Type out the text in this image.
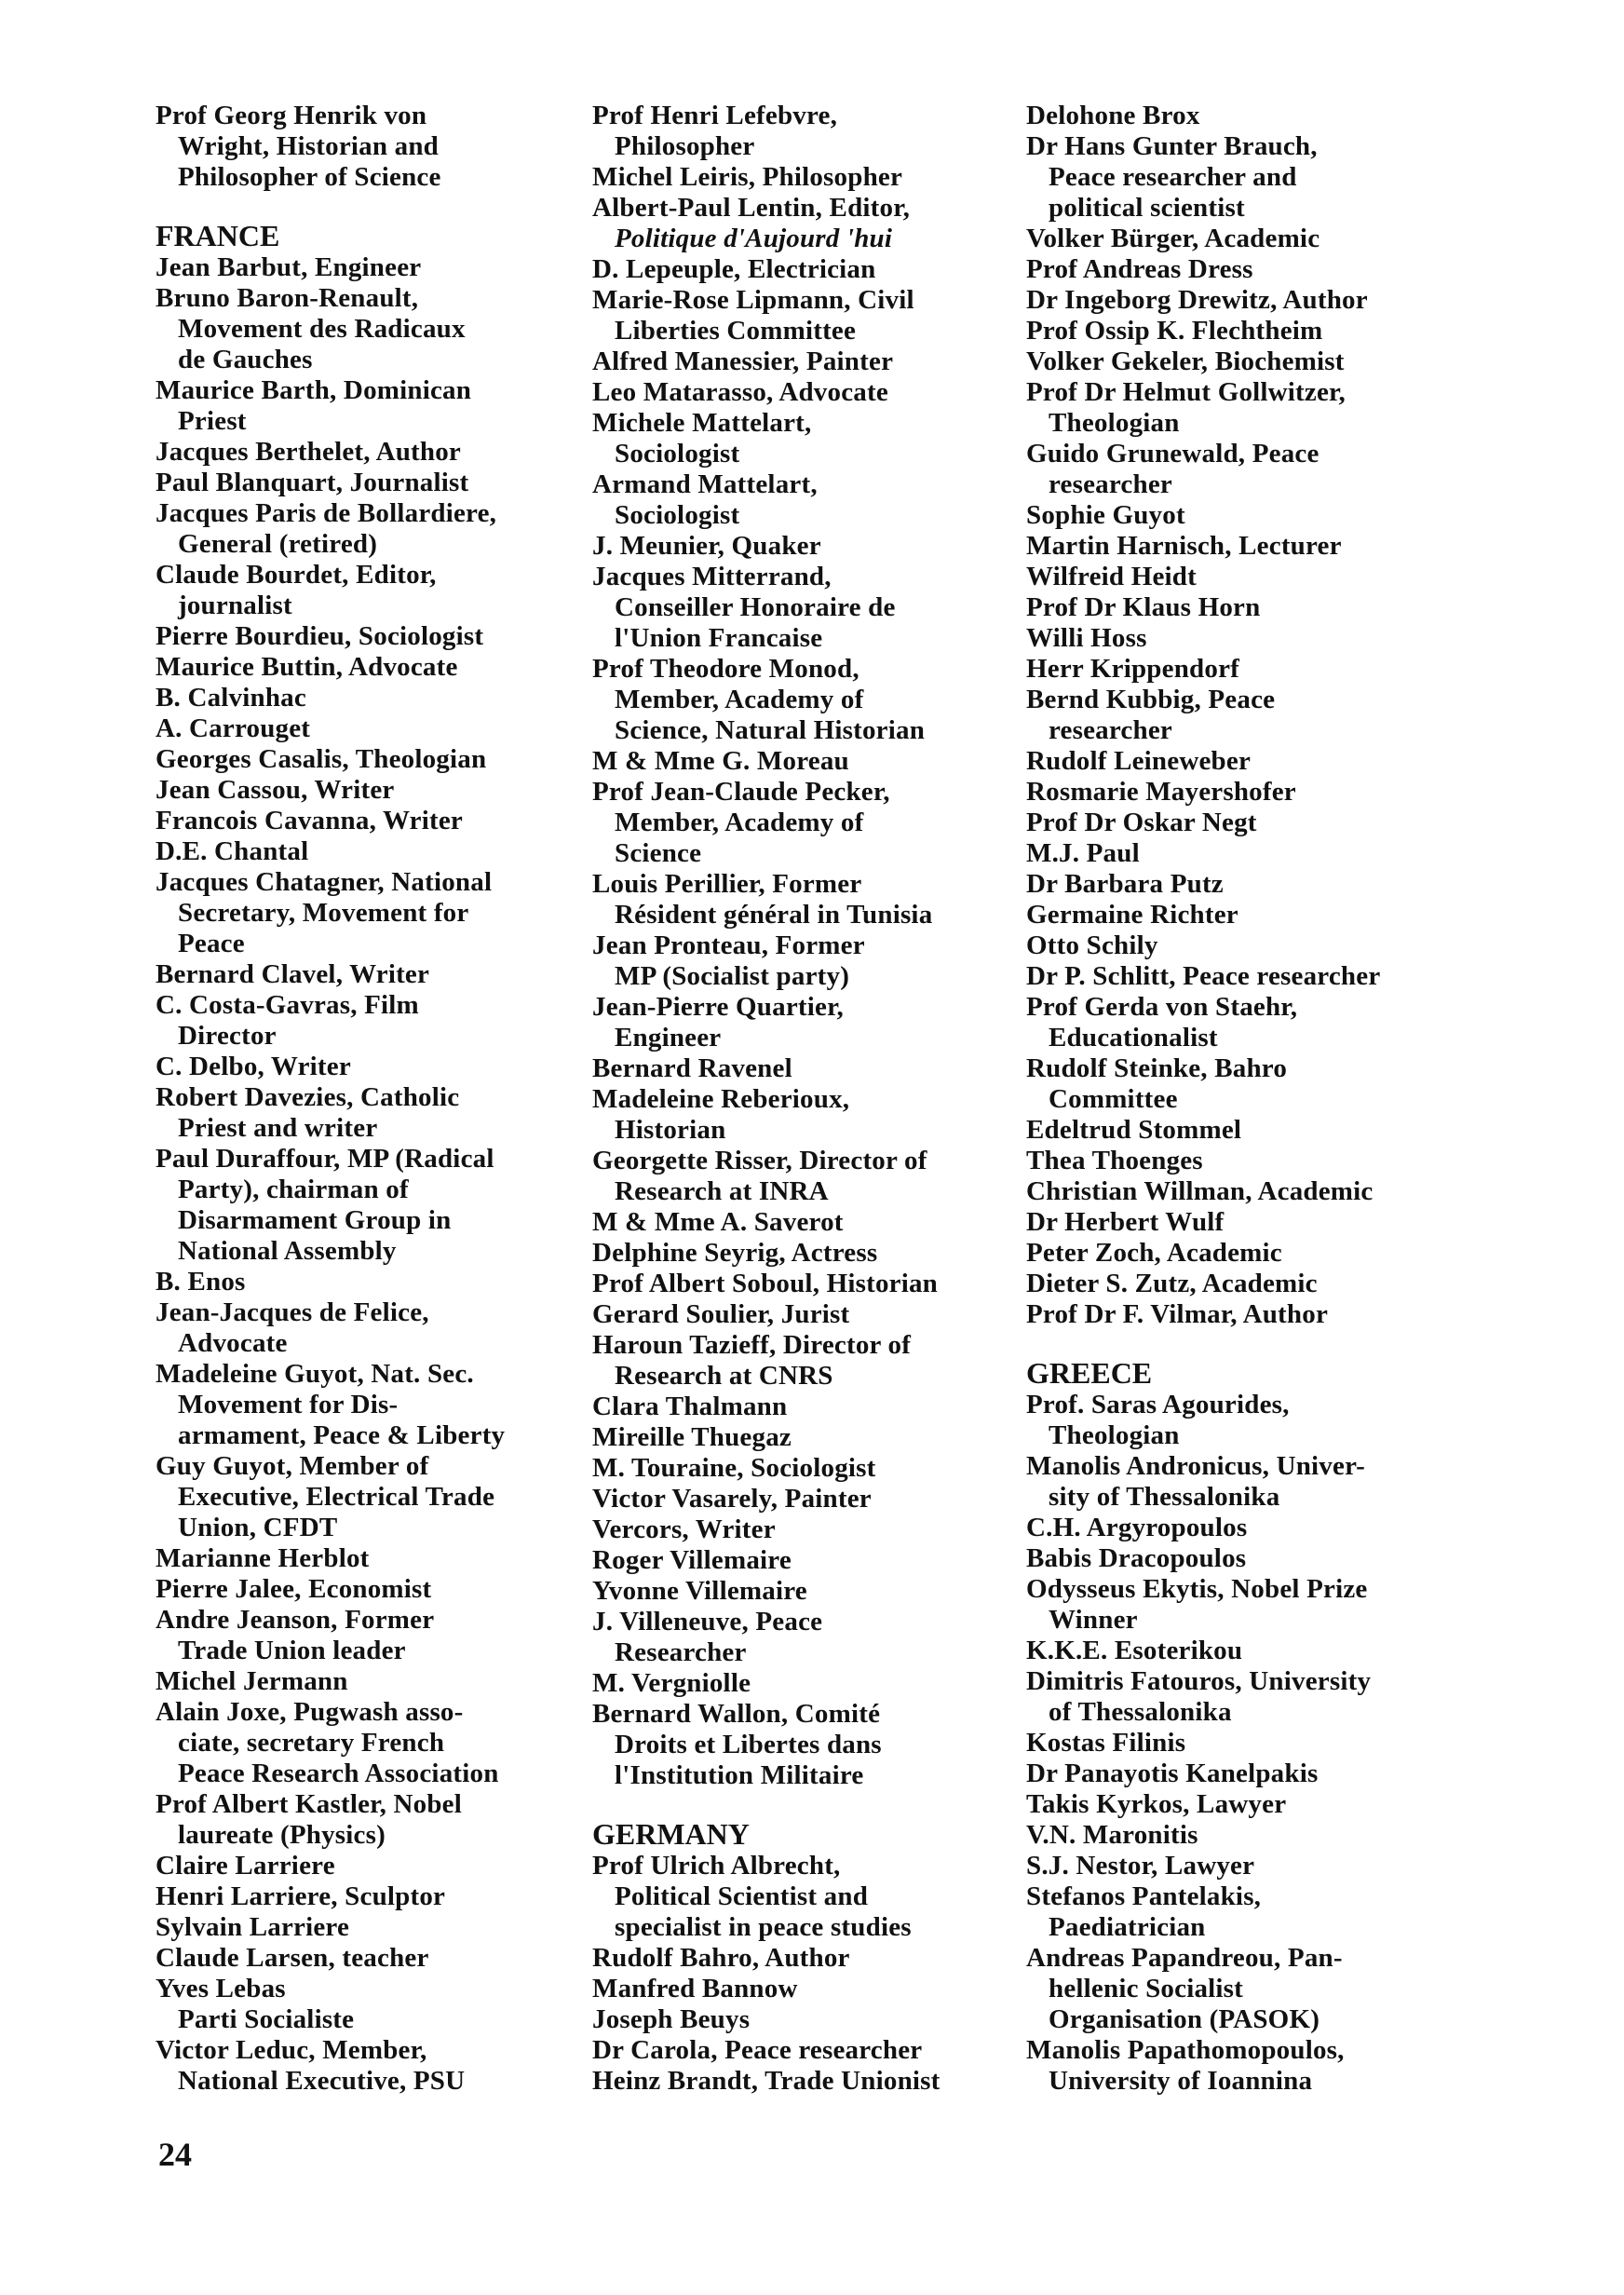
Prof Georg Henrik von
Wright, Historian and
Philosopher of Science
FRANCE
Jean Barbut, Engineer
Bruno Baron-Renault,
Movement des Radicaux
de Gauches
Maurice Barth, Dominican
Priest
Jacques Berthelet, Author
Paul Blanquart, Journalist
Jacques Paris de Bollardiere,
General (retired)
Claude Bourdet, Editor,
journalist
Pierre Bourdieu, Sociologist
Maurice Buttin, Advocate
B. Calvinhac
A. Carrouget
Georges Casalis, Theologian
Jean Cassou, Writer
Francois Cavanna, Writer
D.E. Chantal
Jacques Chatagner, National
Secretary, Movement for
Peace
Bernard Clavel, Writer
C. Costa-Gavras, Film
Director
C. Delbo, Writer
Robert Davezies, Catholic
Priest and writer
Paul Duraffour, MP (Radical
Party), chairman of
Disarmament Group in
National Assembly
B. Enos
Jean-Jacques de Felice,
Advocate
Madeleine Guyot, Nat. Sec.
Movement for Dis-
armament, Peace & Liberty
Guy Guyot, Member of
Executive, Electrical Trade
Union, CFDT
Marianne Herblot
Pierre Jalee, Economist
Andre Jeanson, Former
Trade Union leader
Michel Jermann
Alain Joxe, Pugwash asso-
ciate, secretary French
Peace Research Association
Prof Albert Kastler, Nobel
laureate (Physics)
Claire Larriere
Henri Larriere, Sculptor
Sylvain Larriere
Claude Larsen, teacher
Yves Lebas
Parti Socialiste
Victor Leduc, Member,
National Executive, PSU
Prof Henri Lefebvre,
Philosopher
Michel Leiris, Philosopher
Albert-Paul Lentin, Editor,
Politique d'Aujourd 'hui
D. Lepeuple, Electrician
Marie-Rose Lipmann, Civil
Liberties Committee
Alfred Manessier, Painter
Leo Matarasso, Advocate
Michele Mattelart,
Sociologist
Armand Mattelart,
Sociologist
J. Meunier, Quaker
Jacques Mitterrand,
Conseiller Honoraire de
l'Union Francaise
Prof Theodore Monod,
Member, Academy of
Science, Natural Historian
M & Mme G. Moreau
Prof Jean-Claude Pecker,
Member, Academy of
Science
Louis Perillier, Former
Résident général in Tunisia
Jean Pronteau, Former
MP (Socialist party)
Jean-Pierre Quartier,
Engineer
Bernard Ravenel
Madeleine Reberioux,
Historian
Georgette Risser, Director of
Research at INRA
M & Mme A. Saverot
Delphine Seyrig, Actress
Prof Albert Soboul, Historian
Gerard Soulier, Jurist
Haroun Tazieff, Director of
Research at CNRS
Clara Thalmann
Mireille Thuegaz
M. Touraine, Sociologist
Victor Vasarely, Painter
Vercors, Writer
Roger Villemaire
Yvonne Villemaire
J. Villeneuve, Peace
Researcher
M. Vergniolle
Bernard Wallon, Comité
Droits et Libertes dans
l'Institution Militaire
GERMANY
Prof Ulrich Albrecht,
Political Scientist and
specialist in peace studies
Rudolf Bahro, Author
Manfred Bannow
Joseph Beuys
Dr Carola, Peace researcher
Heinz Brandt, Trade Unionist
Delohone Brox
Dr Hans Gunter Brauch,
Peace researcher and
political scientist
Volker Bürger, Academic
Prof Andreas Dress
Dr Ingeborg Drewitz, Author
Prof Ossip K. Flechtheim
Volker Gekeler, Biochemist
Prof Dr Helmut Gollwitzer,
Theologian
Guido Grunewald, Peace
researcher
Sophie Guyot
Martin Harnisch, Lecturer
Wilfreid Heidt
Prof Dr Klaus Horn
Willi Hoss
Herr Krippendorf
Bernd Kubbig, Peace
researcher
Rudolf Leineweber
Rosmarie Mayershofer
Prof Dr Oskar Negt
M.J. Paul
Dr Barbara Putz
Germaine Richter
Otto Schily
Dr P. Schlitt, Peace researcher
Prof Gerda von Staehr,
Educationalist
Rudolf Steinke, Bahro
Committee
Edeltrud Stommel
Thea Thoenges
Christian Willman, Academic
Dr Herbert Wulf
Peter Zoch, Academic
Dieter S. Zutz, Academic
Prof Dr F. Vilmar, Author
GREECE
Prof. Saras Agourides,
Theologian
Manolis Andronicus, Univer-
sity of Thessalonika
C.H. Argyropoulos
Babis Dracopoulos
Odysseus Ekytis, Nobel Prize
Winner
K.K.E. Esoterikou
Dimitris Fatouros, University
of Thessalonika
Kostas Filinis
Dr Panayotis Kanelpakis
Takis Kyrkos, Lawyer
V.N. Maronitis
S.J. Nestor, Lawyer
Stefanos Pantelakis,
Paediatrician
Andreas Papandreou, Pan-
hellenic Socialist
Organisation (PASOK)
Manolis Papathomopoulos,
University of Ioannina
24
